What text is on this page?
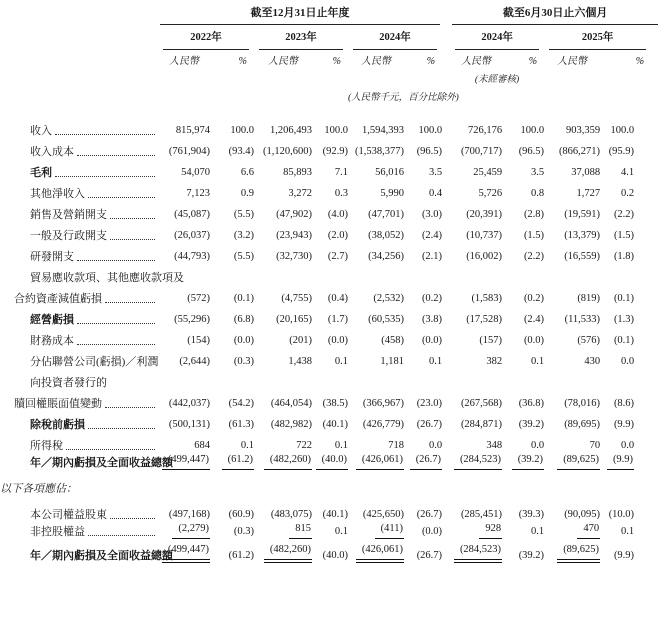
	截至12月31日止年度							截至6月30日止六個月				

	2022年		2023年		2024年			2024年		2025年		

	人民幣	%	人民幣	%	人民幣	%		人民幣	%	人民幣	%	

								(未經審核)				

					(人民幣千元，百分比除外)							

收入	815,974	100.0	1,206,493	100.0	1,594,393	100.0		726,176	100.0	903,359	100.0	

收入成本	(761,904)	(93.4)	(1,120,600)	(92.9)	(1,538,377)	(96.5)		(700,717)	(96.5)	(866,271)	(95.9)	

毛利	54,070	6.6	85,893	7.1	56,016	3.5		25,459	3.5	37,088	4.1	

其他淨收入	7,123	0.9	3,272	0.3	5,990	0.4		5,726	0.8	1,727	0.2	

銷售及營銷開支	(45,087)	(5.5)	(47,902)	(4.0)	(47,701)	(3.0)		(20,391)	(2.8)	(19,591)	(2.2)	

一般及行政開支	(26,037)	(3.2)	(23,943)	(2.0)	(38,052)	(2.4)		(10,737)	(1.5)	(13,379)	(1.5)	

研發開支	(44,793)	(5.5)	(32,730)	(2.7)	(34,256)	(2.1)		(16,002)	(2.2)	(16,559)	(1.8)	

貿易應收款項、其他應收款項及												

合約資產減值虧損	(572)	(0.1)	(4,755)	(0.4)	(2,532)	(0.2)		(1,583)	(0.2)	(819)	(0.1)	

經營虧損	(55,296)	(6.8)	(20,165)	(1.7)	(60,535)	(3.8)		(17,528)	(2.4)	(11,533)	(1.3)	

財務成本	(154)	(0.0)	(201)	(0.0)	(458)	(0.0)		(157)	(0.0)	(576)	(0.1)	

分佔聯營公司(虧損)／利潤	(2,644)	(0.3)	1,438	0.1	1,181	0.1		382	0.1	430	0.0	

向投資者發行的												

贖回權賬面值變動	(442,037)	(54.2)	(464,054)	(38.5)	(366,967)	(23.0)		(267,568)	(36.8)	(78,016)	(8.6)	

除稅前虧損	(500,131)	(61.3)	(482,982)	(40.1)	(426,779)	(26.7)		(284,871)	(39.2)	(89,695)	(9.9)	

所得稅	684	0.1	722	0.1	718	0.0		348	0.0	70	0.0	

年／期內虧損及全面收益總額	(499,447)	(61.2)	(482,260)	(40.0)	(426,061)	(26.7)		(284,523)	(39.2)	(89,625)	(9.9)	

以下各項應佔：												

本公司權益股東	(497,168)	(60.9)	(483,075)	(40.1)	(425,650)	(26.7)		(285,451)	(39.3)	(90,095)	(10.0)	

非控股權益	(2,279)	(0.3)	815	0.1	(411)	(0.0)		928	0.1	470	0.1	

年／期內虧損及全面收益總額	(499,447)	(61.2)	(482,260)	(40.0)	(426,061)	(26.7)		(284,523)	(39.2)	(89,625)	(9.9)	
